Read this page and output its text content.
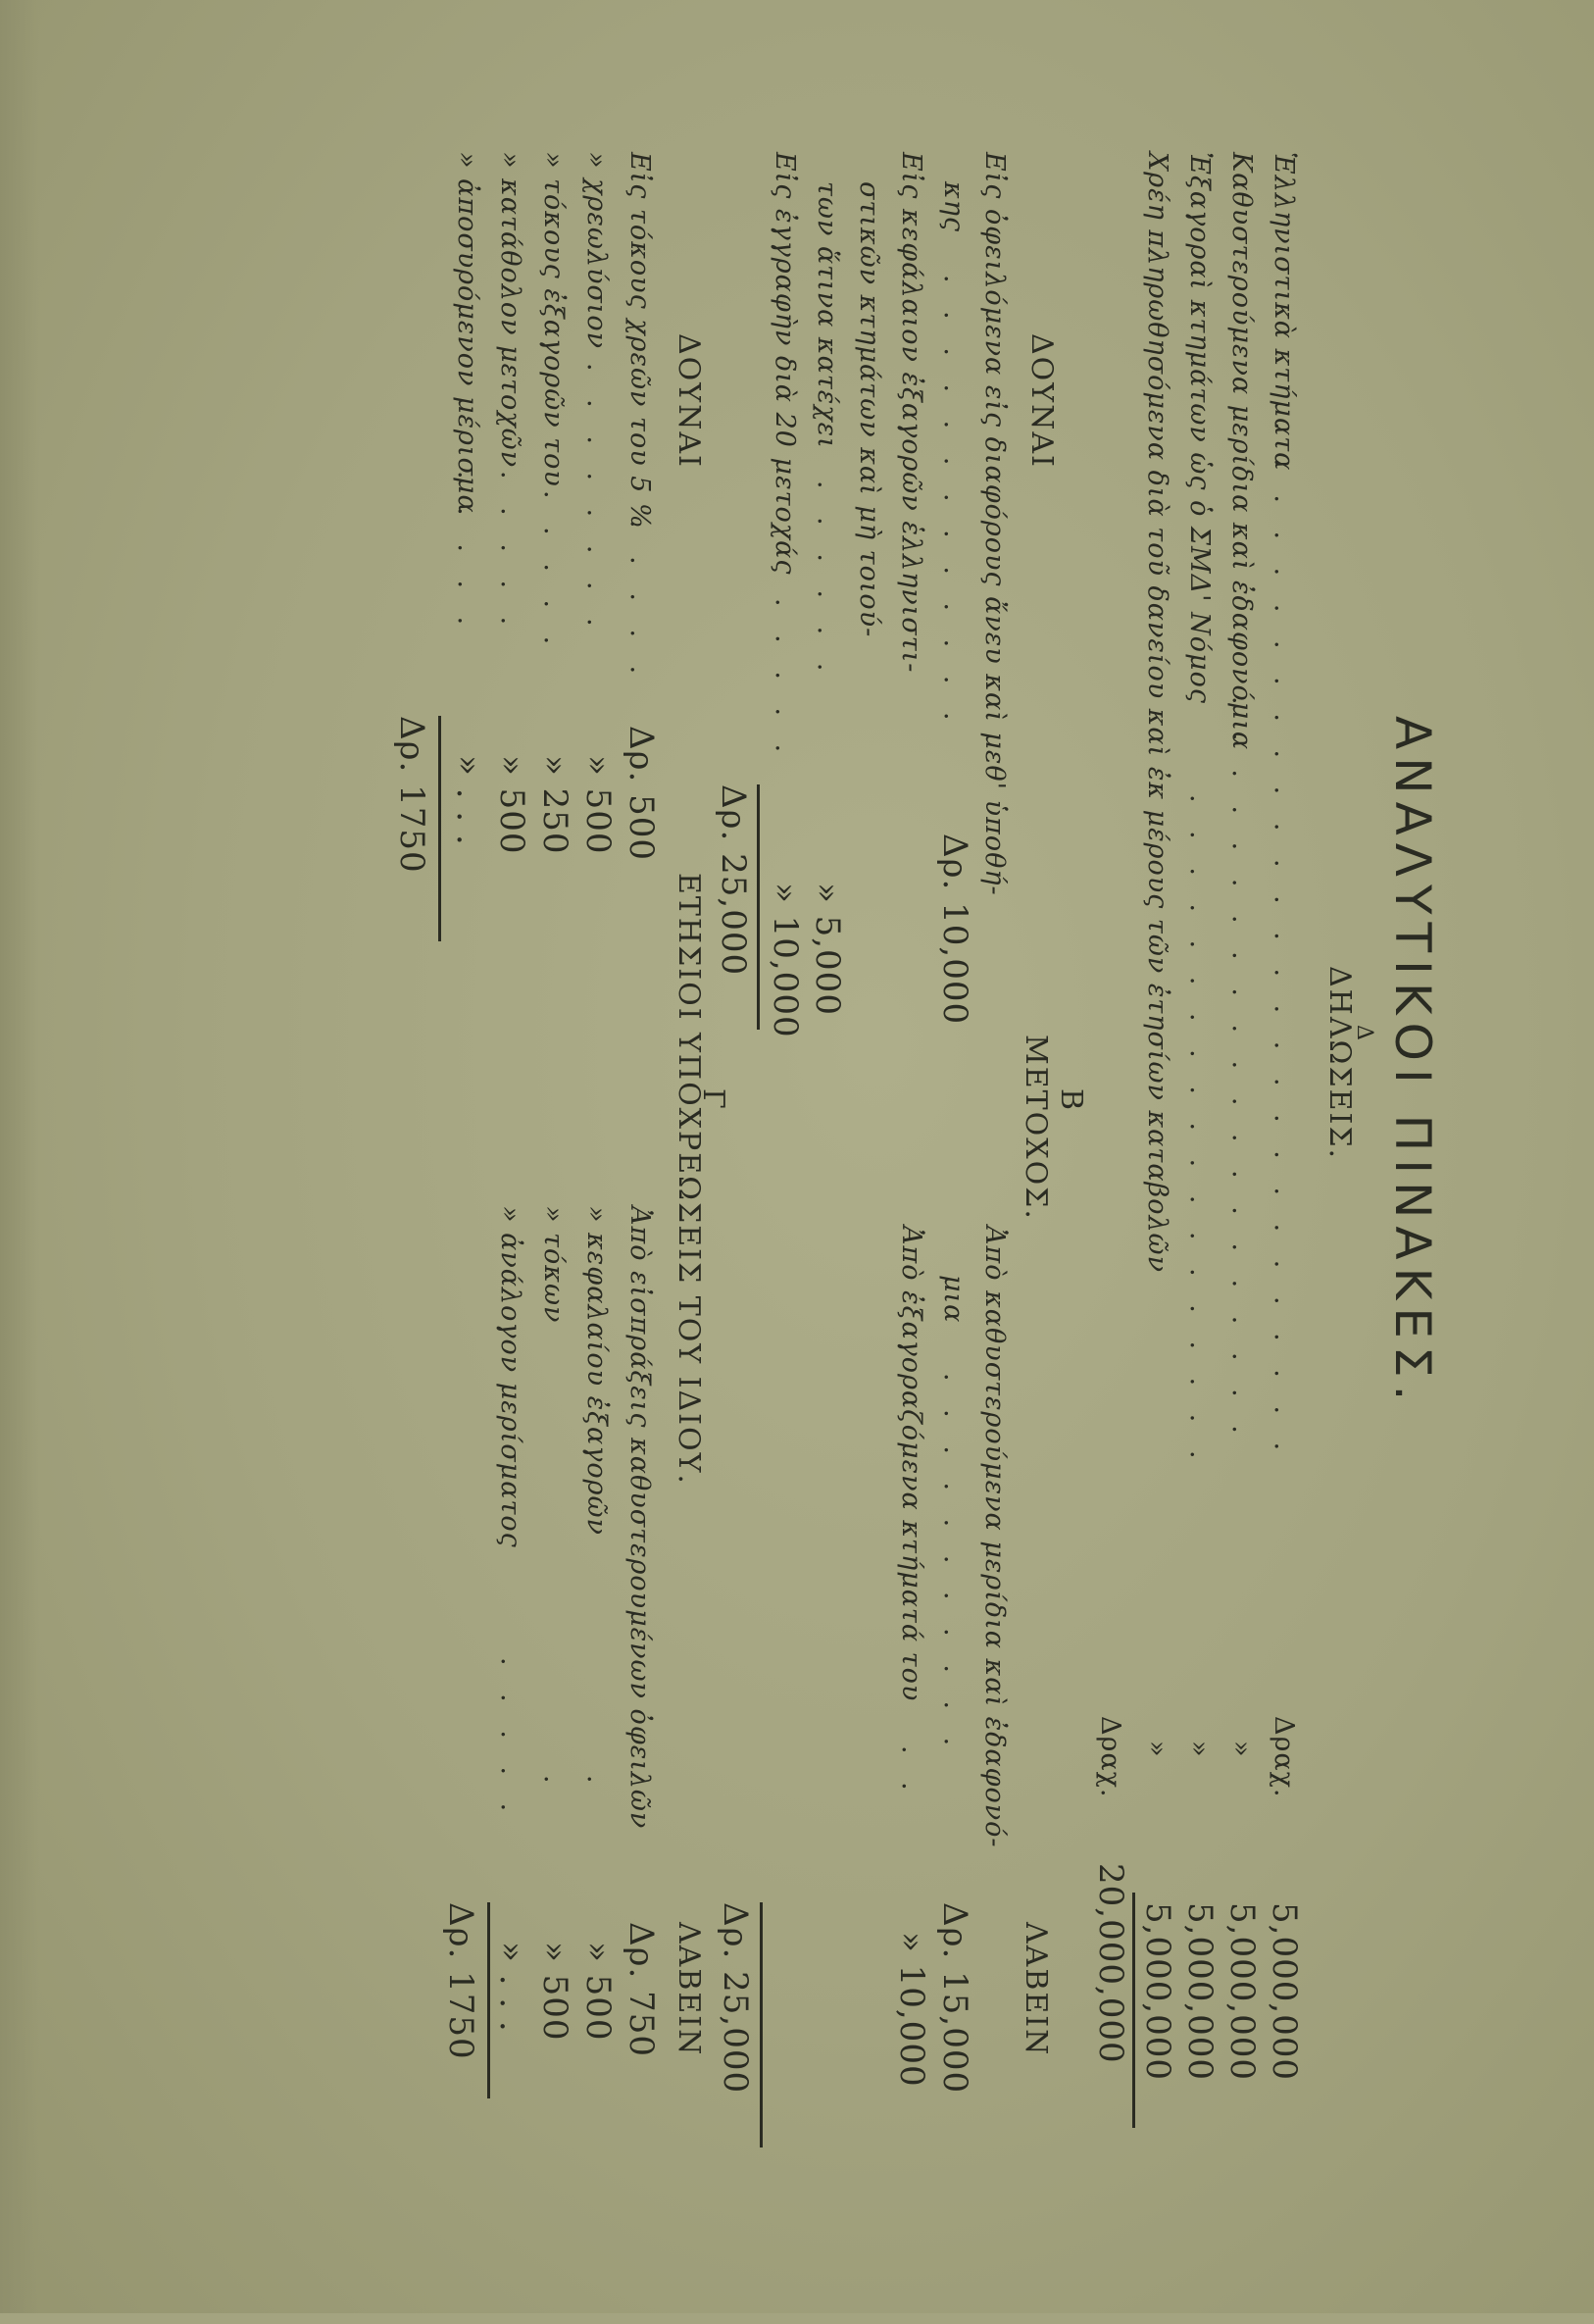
ΑΝΑΛΥΤΙΚΟΙ ΠΙΝΑΚΕΣ.
Δ
ΔΗΛΩΣΕΙΣ.
Ἑλληνιστικὰ κτήματα
. . . . . . . . . . . . . . . . . . . . . . . . . . . . .
Δραχ.
5,000,000
Καθυστερούμενα μερίδια καὶ ἐδαφονόμια
. . . . . . . . . . . . . . . . . . . . .
»
5,000,000
Ἐξαγοραὶ κτημάτων ὡς ὁ ΣΜΔ' Νόμος
. . . . . . . . . . . . . . . . . . .
»
5,000,000
Χρέη πληρωθησόμενα διὰ τοῦ δανείου καὶ ἐκ μέρους τῶν ἐτησίων καταβολῶν
»
5,000,000
Δραχ.
20,000,000
Β
ΔΟΥΝΑΙ
ΜΕΤΟΧΟΣ.
ΛΑΒΕΙΝ
Εἰς ὀφειλόμενα εἰς διαφόρους ἄνευ καὶ μεθ' ὑποθή-
κης
. . . . . . . . . . . . .
Δρ. 10,000
Εἰς κεφάλαιον ἐξαγορῶν ἑλληνιστι-
στικῶν κτημάτων καὶ μὴ τοιού-
των ἅτινα κατέχει
. . . . . .
» 5,000
Εἰς ἐγγραφὴν διὰ 20 μετοχάς
. . . . .
» 10,000
Δρ. 25,000
Ἀπὸ καθυστερούμενα μερίδια καὶ ἐδαφονό-
μια
. . . . . . . . . . .
Δρ. 15,000
Ἀπὸ ἐξαγοραζόμενα κτήματά του
. .
» 10,000
Δρ. 25,000
Γ
ΔΟΥΝΑΙ
ΕΤΗΣΙΟΙ ΥΠΟΧΡΕΩΣΕΙΣ ΤΟΥ ΙΔΙΟΥ.
ΛΑΒΕΙΝ
Εἰς τόκους χρεῶν του 5 %
. . . . .
Δρ. 500
» χρεωλύσιον
. . . . . . . .
» 500
» τόκους ἐξαγορῶν του
. . . . .
» 250
» κατάθολον μετοχῶν
. . . . .
» 500
» ἀποσυρόμενον μέρισμα
. . . . .
» . . .
Δρ. 1750
Ἀπὸ εἰσπράξεις καθυστερουμένων ὀφειλῶν
Δρ. 750
» κεφαλαίου ἐξαγορῶν
.
» 500
» τόκων
.
» 500
» ἀνάλογον μερίσματος
. . . . .
» . . .
Δρ. 1750
